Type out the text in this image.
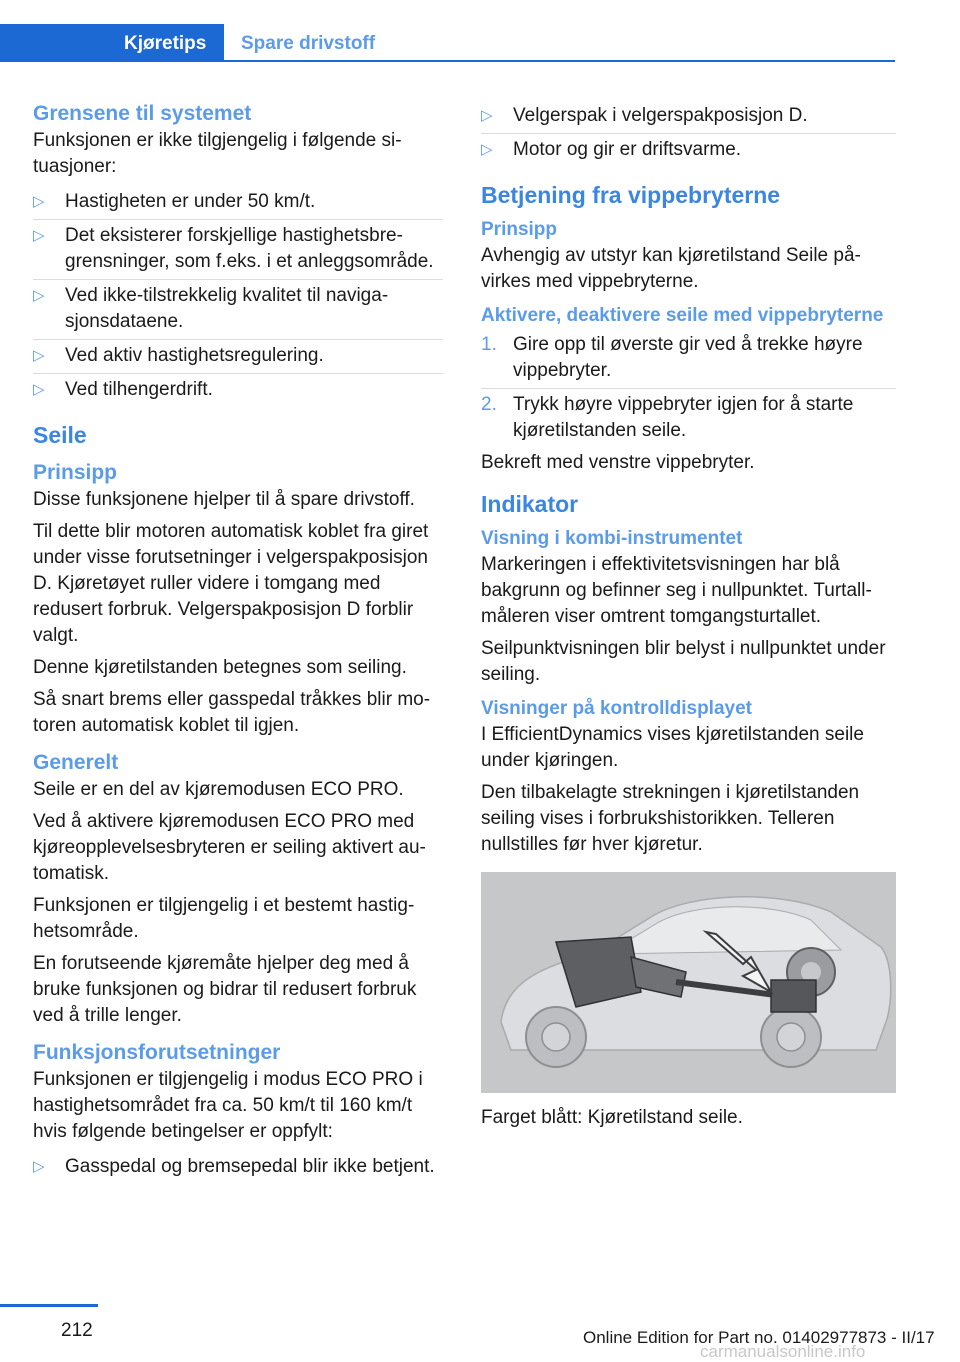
Kjøretips	Spare drivstoff
Grensene til systemet

Funksjonen er ikke tilgjengelig i følgende situasjoner:

▷ Hastigheten er under 50 km/t.
▷ Det eksisterer forskjellige hastighetsbregrensninger, som f.eks. i et anleggsområde.
▷ Ved ikke-tilstrekkelig kvalitet til navigasjonsdataene.
▷ Ved aktiv hastighetsregulering.
▷ Ved tilhengerdrift.
Seile
Prinsipp

Disse funksjonene hjelper til å spare drivstoff.

Til dette blir motoren automatisk koblet fra giret under visse forutsetninger i velgerspakposisjon D. Kjøretøyet ruller videre i tomgang med redusert forbruk. Velgerspakposisjon D forblir valgt.

Denne kjøretilstanden betegnes som seiling.

Så snart brems eller gasspedal tråkkes blir motoren automatisk koblet til igjen.

Generelt

Seile er en del av kjøremodusen ECO PRO.

Ved å aktivere kjøremodusen ECO PRO med kjøreopplevelsesbryteren er seiling aktivert automatisk.

Funksjonen er tilgjengelig i et bestemt hastighetsområde.

En forutseende kjøremåte hjelper deg med å bruke funksjonen og bidrar til redusert forbruk ved å trille lenger.

Funksjonsforutsetninger

Funksjonen er tilgjengelig i modus ECO PRO i hastighetsområdet fra ca. 50 km/t til 160 km/t hvis følgende betingelser er oppfylt:

▷ Gasspedal og bremsepedal blir ikke betjent.
▷ Velgerspak i velgerspakposisjon D.
▷ Motor og gir er driftsvarme.
Betjening fra vippebryterne
Prinsipp

Avhengig av utstyr kan kjøretilstand Seile påvirkes med vippebryterne.

Aktivere, deaktivere seile med vippebryterne
1. Gire opp til øverste gir ved å trekke høyre vippebryter.
2. Trykk høyre vippebryter igjen for å starte kjøretilstanden seile.

Bekreft med venstre vippebryter.

Indikator
Visning i kombi-instrumentet

Markeringen i effektivitetsvisningen har blå bakgrunn og befinner seg i nullpunktet. Turtallmåleren viser omtrent tomgangsturtallet.

Seilpunktvisningen blir belyst i nullpunktet under seiling.

Visninger på kontrolldisplayet

I EfficientDynamics vises kjøretilstanden seile under kjøringen.

Den tilbakelagte strekningen i kjøretilstanden seiling vises i forbrukshistorikken. Telleren nullstilles før hver kjøretur.

Farget blått: Kjøretilstand seile.

212	Online Edition for Part no. 01402977873 - II/17
carmanualsonline.info
